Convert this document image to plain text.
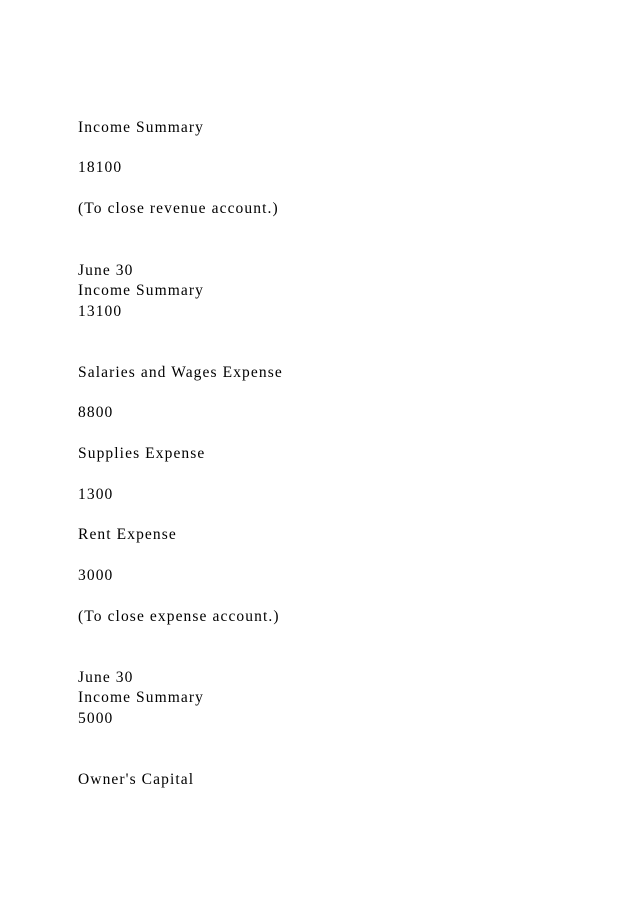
Income Summary
18100
(To close revenue account.)
June 30
Income Summary
13100
Salaries and Wages Expense
8800
Supplies Expense
1300
Rent Expense
3000
(To close expense account.)
June 30
Income Summary
5000
Owner's Capital
